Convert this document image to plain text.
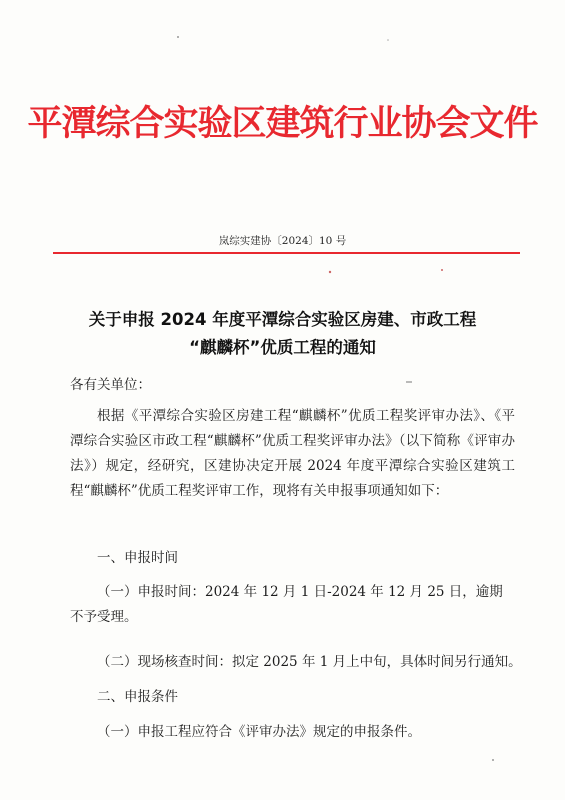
平潭综合实验区建筑行业协会文件
岚综实建协〔2024〕10 号
关于申报 2024 年度平潭综合实验区房建、市政工程
“麒麟杯”优质工程的通知
各有关单位：
根据《平潭综合实验区房建工程“麒麟杯”优质工程奖评审办法》、《平潭综合实验区市政工程“麒麟杯”优质工程奖评审办法》（以下简称《评审办法》）规定，经研究，区建协决定开展 2024 年度平潭综合实验区建筑工程“麒麟杯”优质工程奖评审工作，现将有关申报事项通知如下：
一、申报时间
（一）申报时间：2024 年 12 月 1 日-2024 年 12 月 25 日，逾期不予受理。
（二）现场核查时间：拟定 2025 年 1 月上中旬，具体时间另行通知。
二、申报条件
（一）申报工程应符合《评审办法》规定的申报条件。
